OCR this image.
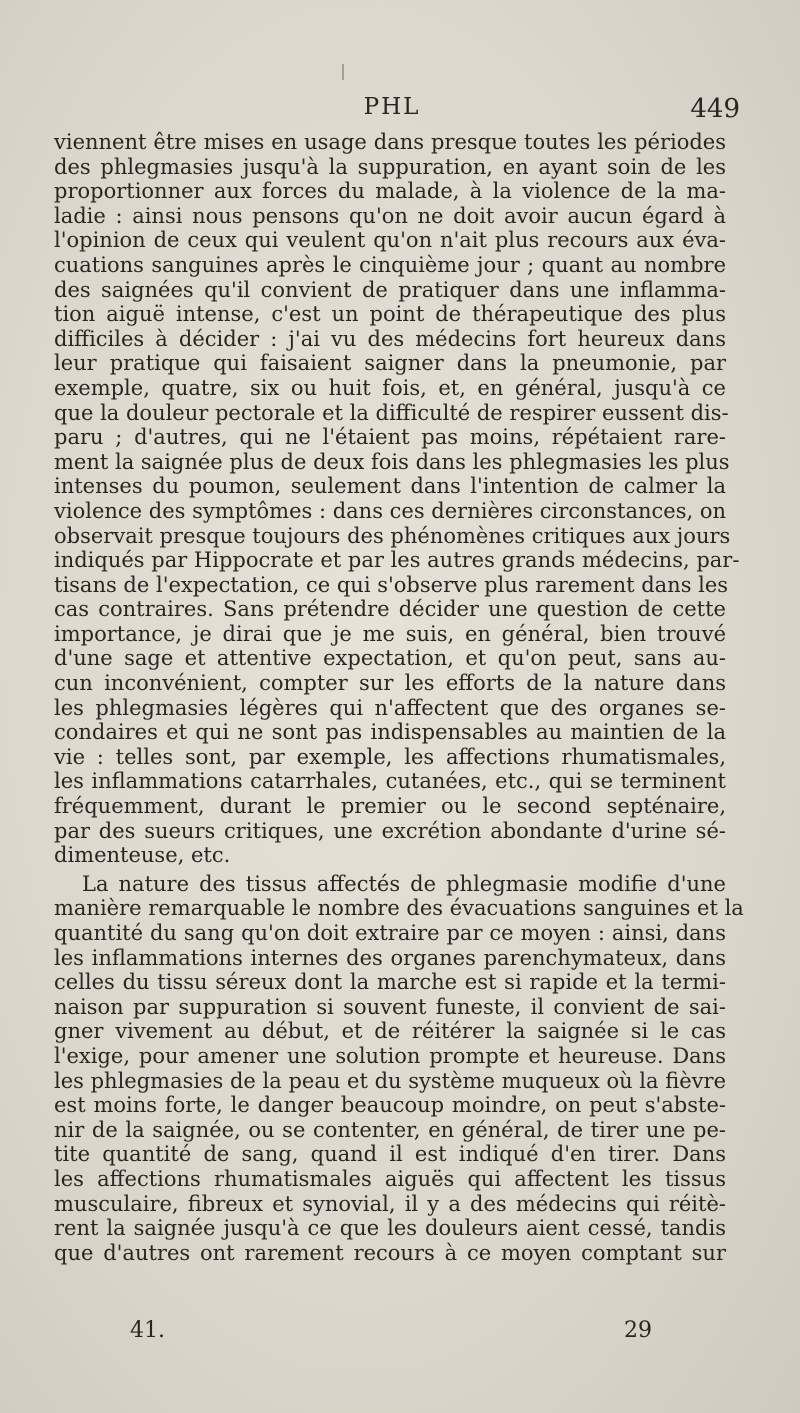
PHL	449
viennent être mises en usage dans presque toutes les périodes
des phlegmasies jusqu'à la suppuration, en ayant soin de les
proportionner aux forces du malade, à la violence de la ma-
ladie : ainsi nous pensons qu'on ne doit avoir aucun égard à
l'opinion de ceux qui veulent qu'on n'ait plus recours aux éva-
cuations sanguines après le cinquième jour ; quant au nombre
des saignées qu'il convient de pratiquer dans une inflamma-
tion aiguë intense, c'est un point de thérapeutique des plus
difficiles à décider : j'ai vu des médecins fort heureux dans
leur pratique qui faisaient saigner dans la pneumonie, par
exemple, quatre, six ou huit fois, et, en général, jusqu'à ce
que la douleur pectorale et la difficulté de respirer eussent dis-
paru ; d'autres, qui ne l'étaient pas moins, répétaient rare-
ment la saignée plus de deux fois dans les phlegmasies les plus
intenses du poumon, seulement dans l'intention de calmer la
violence des symptômes : dans ces dernières circonstances, on
observait presque toujours des phénomènes critiques aux jours
indiqués par Hippocrate et par les autres grands médecins, par-
tisans de l'expectation, ce qui s'observe plus rarement dans les
cas contraires. Sans prétendre décider une question de cette
importance, je dirai que je me suis, en général, bien trouvé
d'une sage et attentive expectation, et qu'on peut, sans au-
cun inconvénient, compter sur les efforts de la nature dans
les phlegmasies légères qui n'affectent que des organes se-
condaires et qui ne sont pas indispensables au maintien de la
vie : telles sont, par exemple, les affections rhumatismales,
les inflammations catarrhales, cutanées, etc., qui se terminent
fréquemment, durant le premier ou le second septénaire,
par des sueurs critiques, une excrétion abondante d'urine sé-
dimenteuse, etc.
La nature des tissus affectés de phlegmasie modifie d'une
manière remarquable le nombre des évacuations sanguines et la
quantité du sang qu'on doit extraire par ce moyen : ainsi, dans
les inflammations internes des organes parenchymateux, dans
celles du tissu séreux dont la marche est si rapide et la termi-
naison par suppuration si souvent funeste, il convient de sai-
gner vivement au début, et de réitérer la saignée si le cas
l'exige, pour amener une solution prompte et heureuse. Dans
les phlegmasies de la peau et du système muqueux où la fièvre
est moins forte, le danger beaucoup moindre, on peut s'abste-
nir de la saignée, ou se contenter, en général, de tirer une pe-
tite quantité de sang, quand il est indiqué d'en tirer. Dans
les affections rhumatismales aiguës qui affectent les tissus
musculaire, fibreux et synovial, il y a des médecins qui réitè-
rent la saignée jusqu'à ce que les douleurs aient cessé, tandis
que d'autres ont rarement recours à ce moyen comptant sur
41.	29
